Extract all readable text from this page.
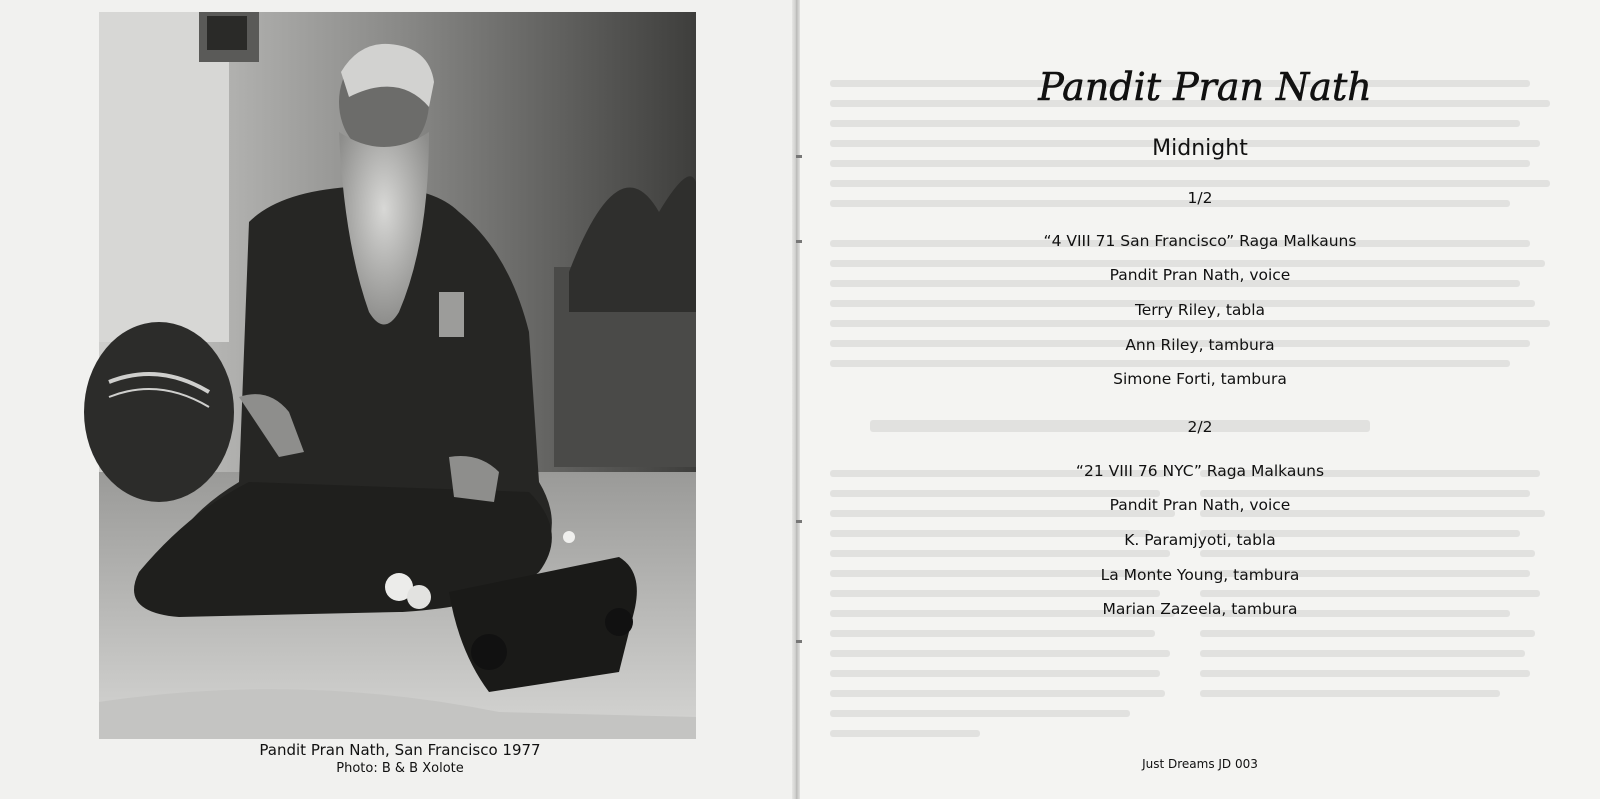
Pandit Pran Nath, San Francisco 1977
Photo: B & B Xolote
Pandit Pran Nath
Midnight
1/2
“4 VIII 71 San Francisco” Raga Malkauns
Pandit Pran Nath, voice
Terry Riley, tabla
Ann Riley, tambura
Simone Forti, tambura
2/2
“21 VIII 76 NYC” Raga Malkauns
Pandit Pran Nath, voice
K. Paramjyoti, tabla
La Monte Young, tambura
Marian Zazeela, tambura
Just Dreams JD 003
